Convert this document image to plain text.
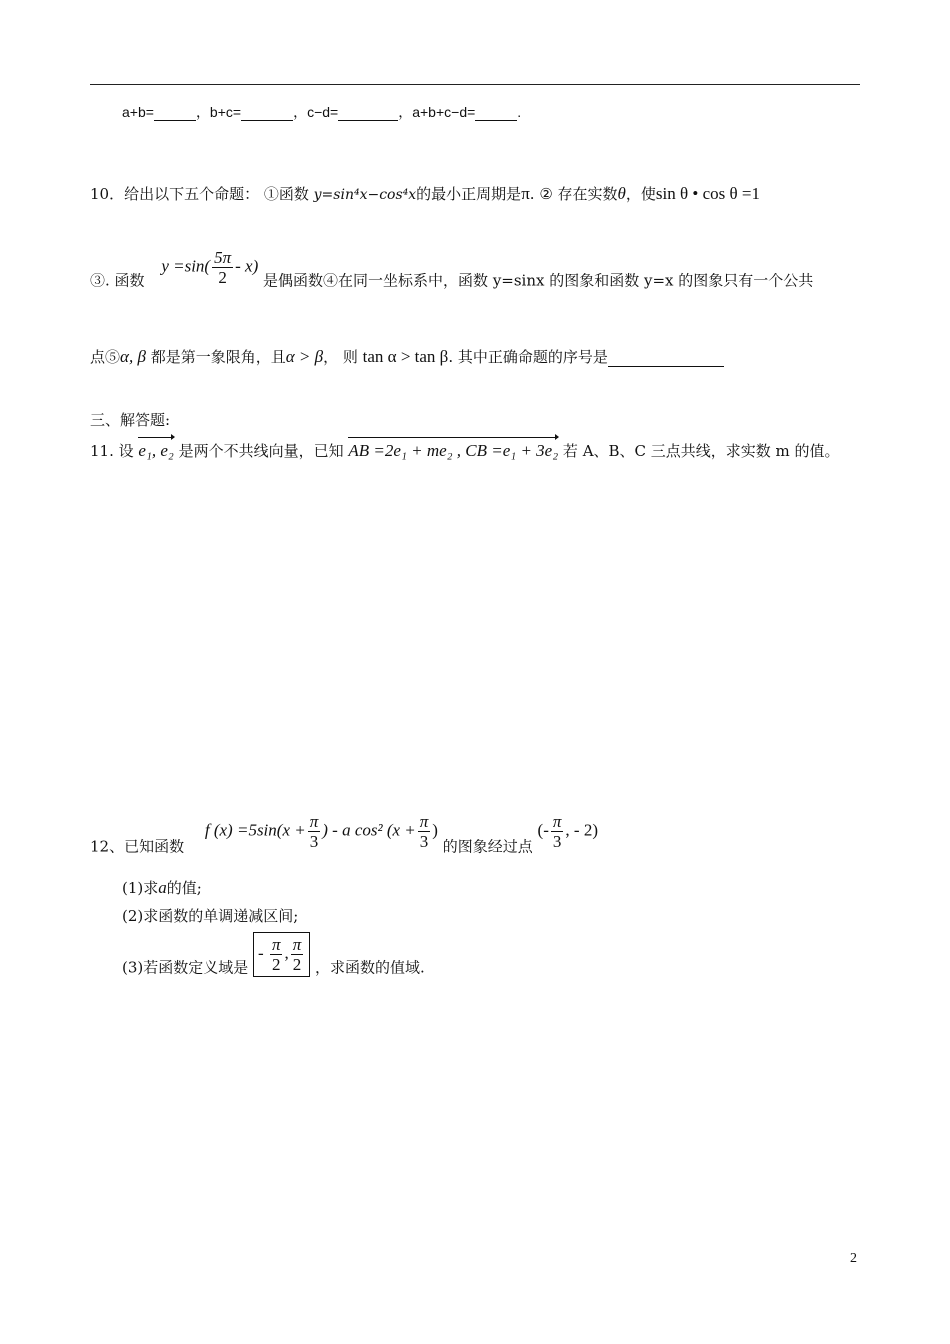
a+b=	，b+c=	，c−d=	，a+b+c−d=	.
10．给出以下五个命题： ①函数 y=sin⁴x−cos⁴x的最小正周期是π. ② 存在实数θ，使sin θ • cos θ =1
③. 函数 $y =\sin( \frac{5\pi}{2} - x)$ 是偶函数④在同一坐标系中，函数 y=sinx 的图象和函数 y=x 的图象只有一个公共
点⑤α, β 都是第一象限角，且α > β， 则 tan α > tan β. 其中正确命题的序号是
三、解答题:
11. 设 e₁, e₂ 是两个不共线向量，已知 AB =2e₁ + me₂ , CB =e₁ + 3e₂ 若 A、B、C 三点共线，求实数 m 的值。
12、已知函数 f $(x) =5\sin(x + \frac{\pi}{3}$ ) - a cos² ($x + \frac{\pi}{3}$ ) 的图象经过点 (- $\frac{\pi}{3}$ , - 2)
(1)求a的值;
(2)求函数的单调递减区间;
(3)若函数定义域是 - $\frac{\pi}{2}$ , $\frac{\pi}{2}$ ，求函数的值域.
2
